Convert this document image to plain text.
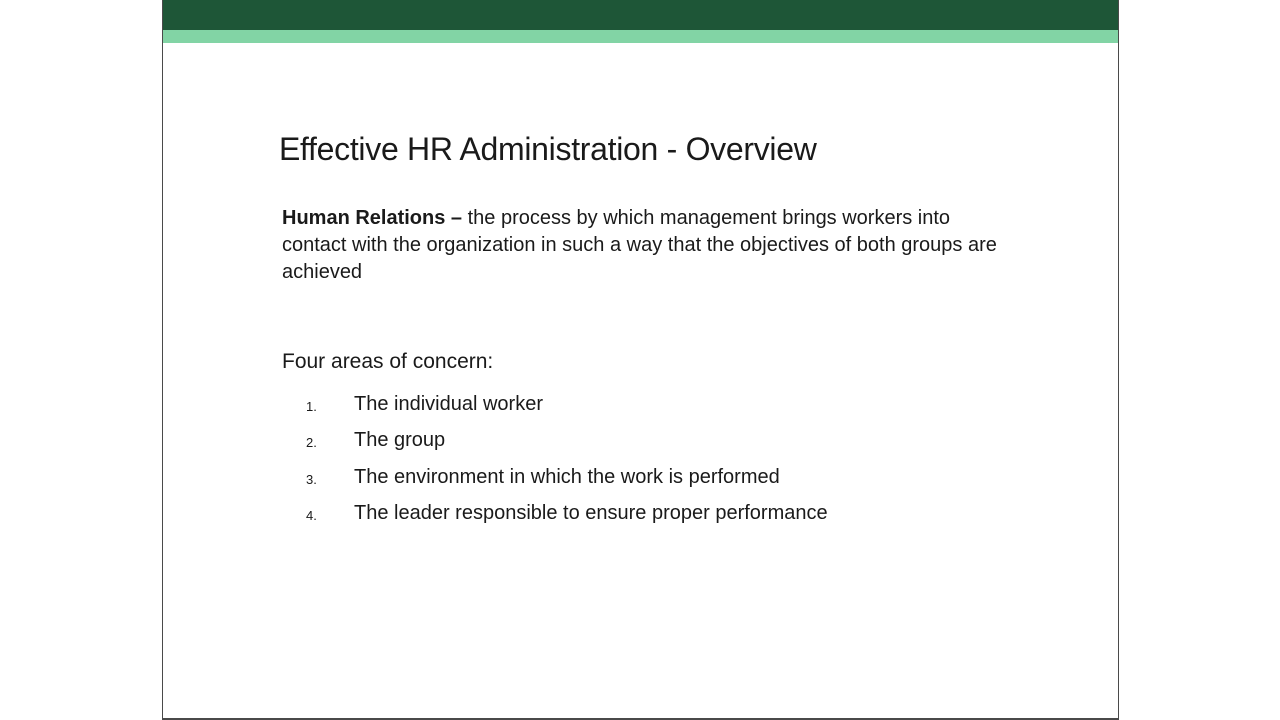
Effective HR Administration - Overview
Human Relations – the process by which management brings workers into contact with the organization in such a way that the objectives of both groups are achieved
Four areas of concern:
1.	The individual worker
2.	The group
3.	The environment in which the work is performed
4.	The leader responsible to ensure proper performance
